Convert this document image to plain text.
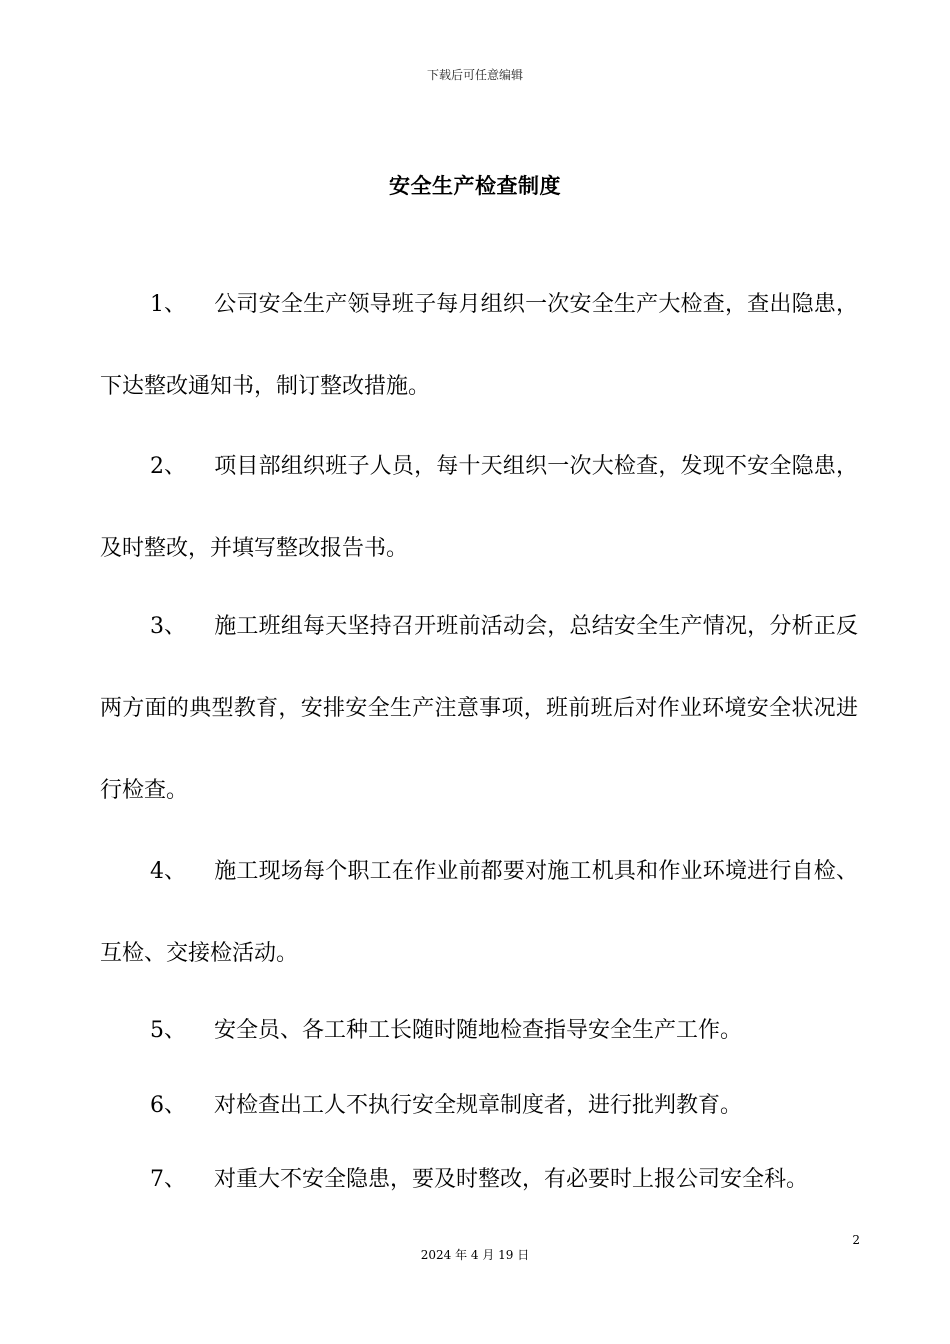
下载后可任意编辑
安全生产检查制度
1、 公司安全生产领导班子每月组织一次安全生产大检查，查出隐患，下达整改通知书，制订整改措施。
2、 项目部组织班子人员，每十天组织一次大检查，发现不安全隐患，及时整改，并填写整改报告书。
3、 施工班组每天坚持召开班前活动会，总结安全生产情况，分析正反两方面的典型教育，安排安全生产注意事项，班前班后对作业环境安全状况进行检查。
4、 施工现场每个职工在作业前都要对施工机具和作业环境进行自检、互检、交接检活动。
5、 安全员、各工种工长随时随地检查指导安全生产工作。
6、 对检查出工人不执行安全规章制度者，进行批判教育。
7、 对重大不安全隐患，要及时整改，有必要时上报公司安全科。
2
2024 年 4 月 19 日
